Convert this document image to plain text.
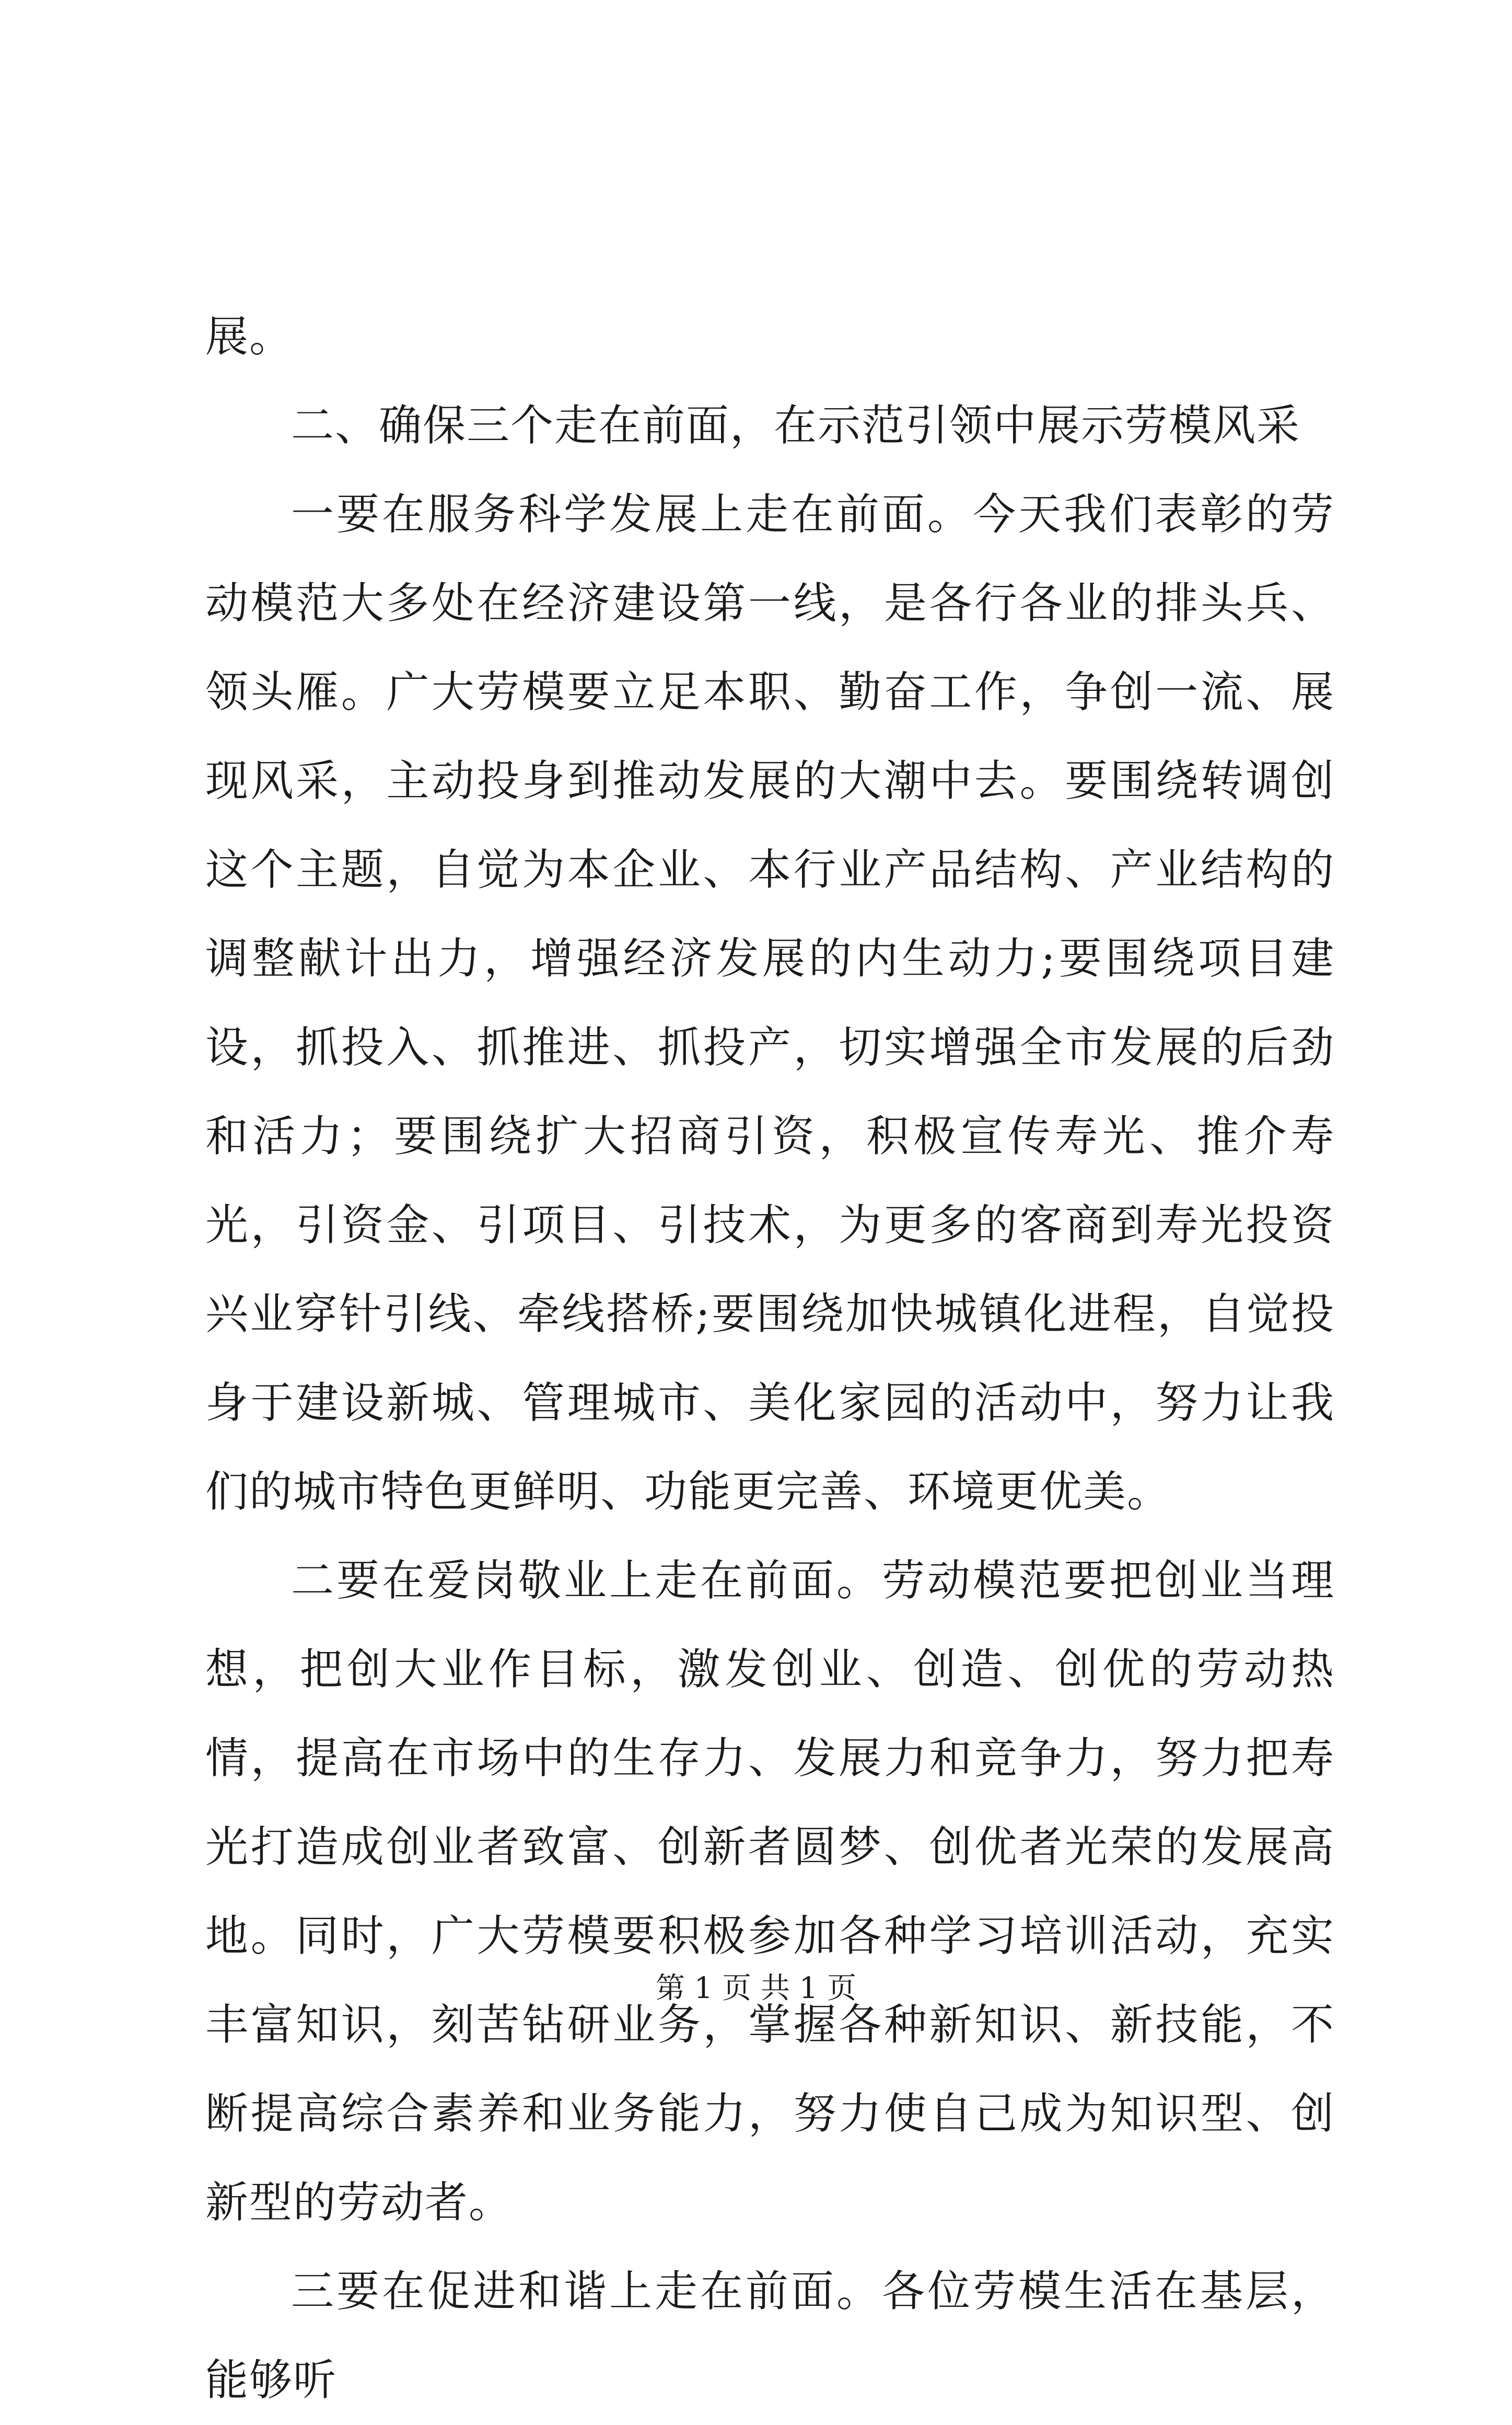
展。

二、确保三个走在前面，在示范引领中展示劳模风采

一要在服务科学发展上走在前面。今天我们表彰的劳动模范大多处在经济建设第一线，是各行各业的排头兵、领头雁。广大劳模要立足本职、勤奋工作，争创一流、展现风采，主动投身到推动发展的大潮中去。要围绕转调创这个主题，自觉为本企业、本行业产品结构、产业结构的调整献计出力，增强经济发展的内生动力;要围绕项目建设，抓投入、抓推进、抓投产，切实增强全市发展的后劲和活力；要围绕扩大招商引资，积极宣传寿光、推介寿光，引资金、引项目、引技术，为更多的客商到寿光投资兴业穿针引线、牵线搭桥;要围绕加快城镇化进程，自觉投身于建设新城、管理城市、美化家园的活动中，努力让我们的城市特色更鲜明、功能更完善、环境更优美。

二要在爱岗敬业上走在前面。劳动模范要把创业当理想，把创大业作目标，激发创业、创造、创优的劳动热情，提高在市场中的生存力、发展力和竞争力，努力把寿光打造成创业者致富、创新者圆梦、创优者光荣的发展高地。同时，广大劳模要积极参加各种学习培训活动，充实丰富知识，刻苦钻研业务，掌握各种新知识、新技能，不断提高综合素养和业务能力，努力使自己成为知识型、创新型的劳动者。

三要在促进和谐上走在前面。各位劳模生活在基层，能够听

第 1 页 共 1 页
